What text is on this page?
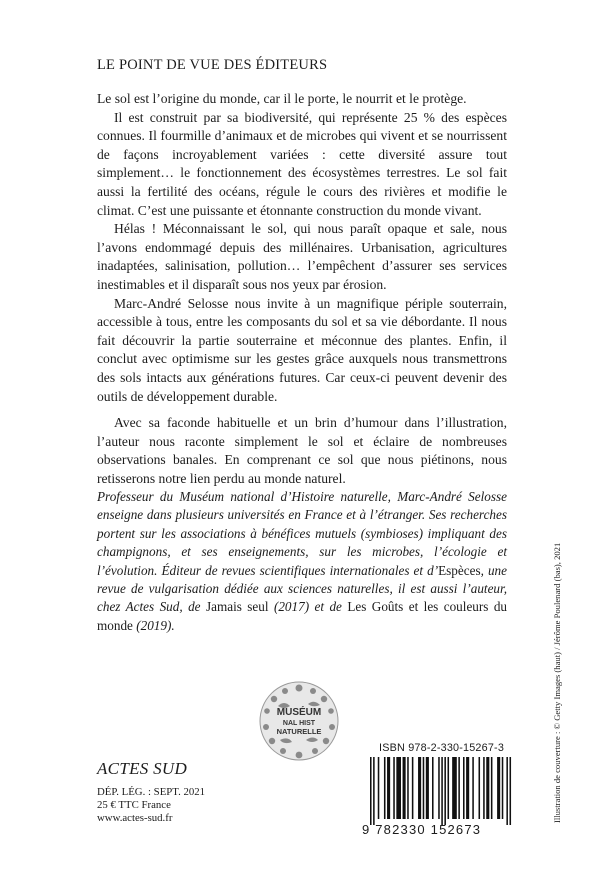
LE POINT DE VUE DES ÉDITEURS

Le sol est l’origine du monde, car il le porte, le nourrit et le protège.

Il est construit par sa biodiversité, qui représente 25 % des espèces connues. Il fourmille d’animaux et de microbes qui vivent et se nourrissent de façons incroyablement variées : cette diversité assure tout simplement… le fonctionnement des écosystèmes terrestres. Le sol fait aussi la fertilité des océans, régule le cours des rivières et modifie le climat. C’est une puissante et étonnante construction du monde vivant.

Hélas ! Méconnaissant le sol, qui nous paraît opaque et sale, nous l’avons endommagé depuis des millénaires. Urbanisation, agricultures inadaptées, salinisation, pollution… l’empêchent d’assurer ses services inestimables et il disparaît sous nos yeux par érosion.

Marc-André Selosse nous invite à un magnifique périple souterrain, accessible à tous, entre les composants du sol et sa vie débordante. Il nous fait découvrir la partie souterraine et méconnue des plantes. Enfin, il conclut avec optimisme sur les gestes grâce auxquels nous transmettrons des sols intacts aux générations futures. Car ceux-ci peuvent devenir des outils de développement durable.

Avec sa faconde habituelle et un brin d’humour dans l’illustration, l’auteur nous raconte simplement le sol et éclaire de nombreuses observations banales. En comprenant ce sol que nous piétinons, nous retisserons notre lien perdu au monde naturel.

Professeur du Muséum national d’Histoire naturelle, Marc-André Selosse enseigne dans plusieurs universités en France et à l’étranger. Ses recherches portent sur les associations à bénéfices mutuels (symbioses) impliquant des champignons, et ses enseignements, sur les microbes, l’écologie et l’évolution. Éditeur de revues scientifiques internationales et d’Espèces, une revue de vulgarisation dédiée aux sciences naturelles, il est aussi l’auteur, chez Actes Sud, de Jamais seul (2017) et de Les Goûts et les couleurs du monde (2019).

MUSÉUM
NAL HIST
NATURELLE
ACTES SUD
DÉP. LÉG. : SEPT. 2021
25 € TTC France
www.actes-sud.fr
ISBN 978-2-330-15267-3
9 782330 152673
Illustration de couverture : © Getty Images (haut) / Jérôme Poulenard (bas), 2021
